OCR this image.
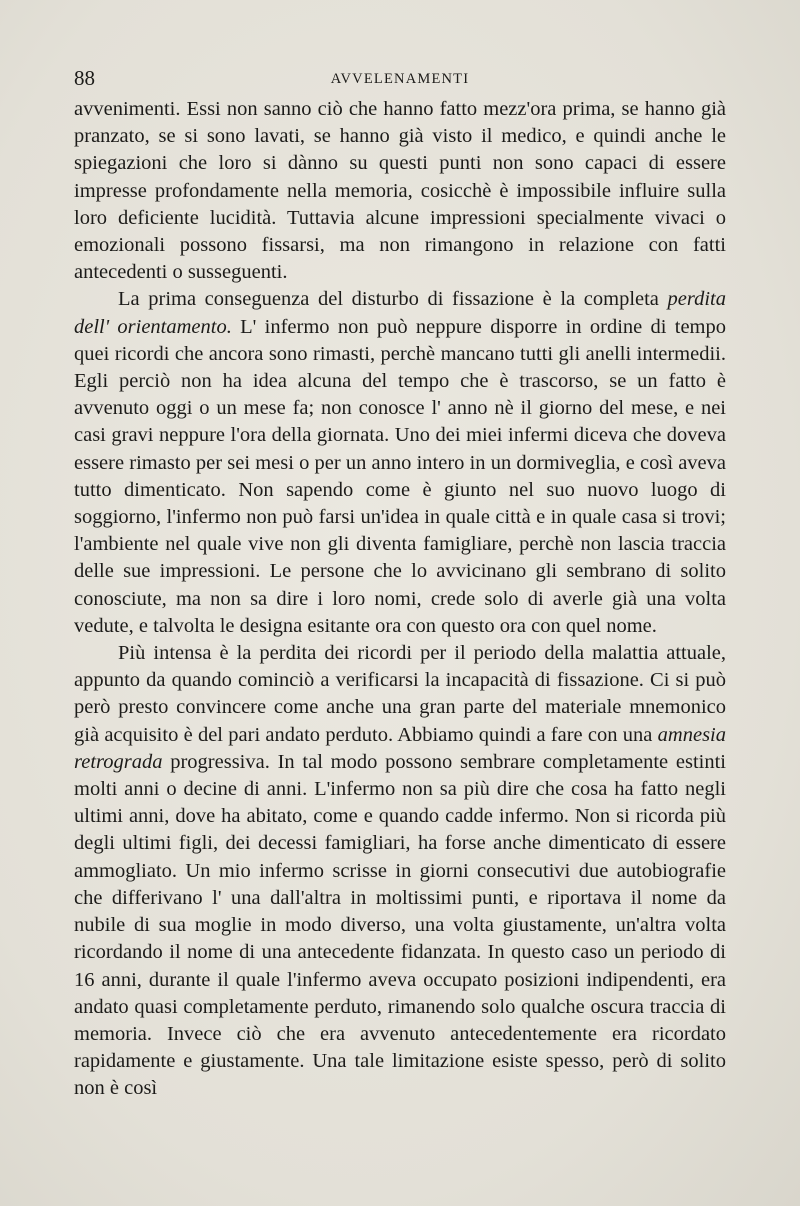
88	AVVELENAMENTI

avvenimenti. Essi non sanno ciò che hanno fatto mezz'ora prima, se hanno già pranzato, se si sono lavati, se hanno già visto il medico, e quindi anche le spiegazioni che loro si dànno su questi punti non sono capaci di essere impresse profondamente nella memoria, cosicchè è impossibile influire sulla loro deficiente lucidità. Tuttavia alcune impressioni specialmente vivaci o emozionali possono fissarsi, ma non rimangono in relazione con fatti antecedenti o susseguenti.

La prima conseguenza del disturbo di fissazione è la completa perdita dell' orientamento. L' infermo non può neppure disporre in ordine di tempo quei ricordi che ancora sono rimasti, perchè mancano tutti gli anelli intermedii. Egli perciò non ha idea alcuna del tempo che è trascorso, se un fatto è avvenuto oggi o un mese fa; non conosce l' anno nè il giorno del mese, e nei casi gravi neppure l'ora della giornata. Uno dei miei infermi diceva che doveva essere rimasto per sei mesi o per un anno intero in un dormiveglia, e così aveva tutto dimenticato. Non sapendo come è giunto nel suo nuovo luogo di soggiorno, l'infermo non può farsi un'idea in quale città e in quale casa si trovi; l'ambiente nel quale vive non gli diventa famigliare, perchè non lascia traccia delle sue impressioni. Le persone che lo avvicinano gli sembrano di solito conosciute, ma non sa dire i loro nomi, crede solo di averle già una volta vedute, e talvolta le designa esitante ora con questo ora con quel nome.

Più intensa è la perdita dei ricordi per il periodo della malattia attuale, appunto da quando cominciò a verificarsi la incapacità di fissazione. Ci si può però presto convincere come anche una gran parte del materiale mnemonico già acquisito è del pari andato perduto. Abbiamo quindi a fare con una amnesia retrograda progressiva. In tal modo possono sembrare completamente estinti molti anni o decine di anni. L'infermo non sa più dire che cosa ha fatto negli ultimi anni, dove ha abitato, come e quando cadde infermo. Non si ricorda più degli ultimi figli, dei decessi famigliari, ha forse anche dimenticato di essere ammogliato. Un mio infermo scrisse in giorni consecutivi due autobiografie che differivano l' una dall'altra in moltissimi punti, e riportava il nome da nubile di sua moglie in modo diverso, una volta giustamente, un'altra volta ricordando il nome di una antecedente fidanzata. In questo caso un periodo di 16 anni, durante il quale l'infermo aveva occupato posizioni indipendenti, era andato quasi completamente perduto, rimanendo solo qualche oscura traccia di memoria. Invece ciò che era avvenuto antecedentemente era ricordato rapidamente e giustamente. Una tale limitazione esiste spesso, però di solito non è così
